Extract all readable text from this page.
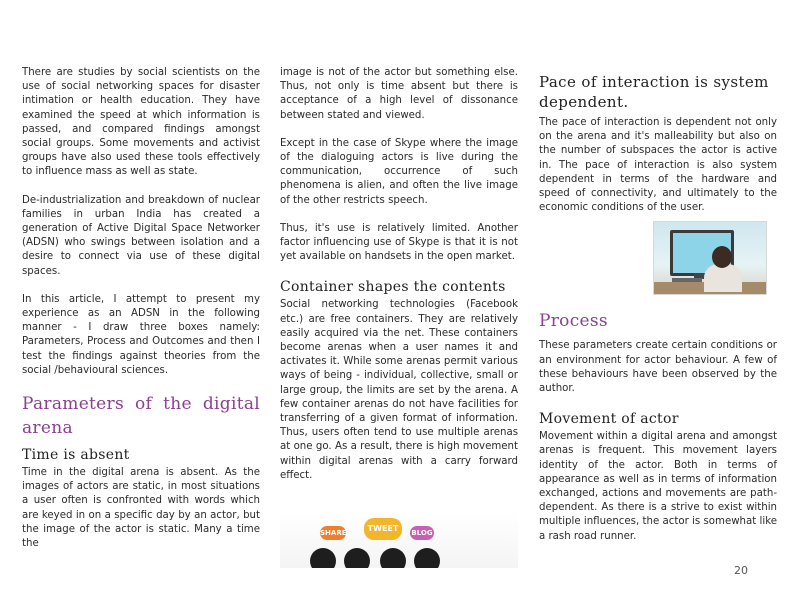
There are studies by social scientists on the use of social networking spaces for disaster intimation or health education. They have examined the speed at which information is passed, and compared findings amongst social groups. Some movements and activist groups have also used these tools effectively to influence mass as well as state.

De-industrialization and breakdown of nuclear families in urban India has created a generation of Active Digital Space Networker (ADSN) who swings between isolation and a desire to connect via use of these digital spaces.

In this article, I attempt to present my experience as an ADSN in the following manner - I draw three boxes namely: Parameters, Process and Outcomes and then I test the findings against theories from the social /behavioural sciences.

Parameters of the digital arena
Time is absent

Time in the digital arena is absent. As the images of actors are static, in most situations a user often is confronted with words which are keyed in on a specific day by an actor, but the image of the actor is static. Many a time the

image is not of the actor but something else. Thus, not only is time absent but there is acceptance of a high level of dissonance between stated and viewed.

Except in the case of Skype where the image of the dialoguing actors is live during the communication, occurrence of such phenomena is alien, and often the live image of the other restricts speech.

Thus, it's use is relatively limited. Another factor influencing use of Skype is that it is not yet available on handsets in the open market.

Container shapes the contents

Social networking technologies (Facebook etc.) are free containers. They are relatively easily acquired via the net. These containers become arenas when a user names it and activates it. While some arenas permit various ways of being - individual, collective, small or large group, the limits are set by the arena. A few container arenas do not have facilities for transferring of a given format of information. Thus, users often tend to use multiple arenas at one go. As a result, there is high movement within digital arenas with a carry forward effect.

SHARE	TWEET	BLOG
Pace of interaction is system dependent.

The pace of interaction is dependent not only on the arena and it's malleability but also on the number of subspaces the actor is active in. The pace of interaction is also system dependent in terms of the hardware and speed of connectivity, and ultimately to the economic conditions of the user.

Process

These parameters create certain conditions or an environment for actor behaviour. A few of these behaviours have been observed by the author.

Movement of actor

Movement within a digital arena and amongst arenas is frequent. This movement layers identity of the actor. Both in terms of appearance as well as in terms of information exchanged, actions and movements are path-dependent. As there is a strive to exist within multiple influences, the actor is somewhat like a rash road runner.

20
